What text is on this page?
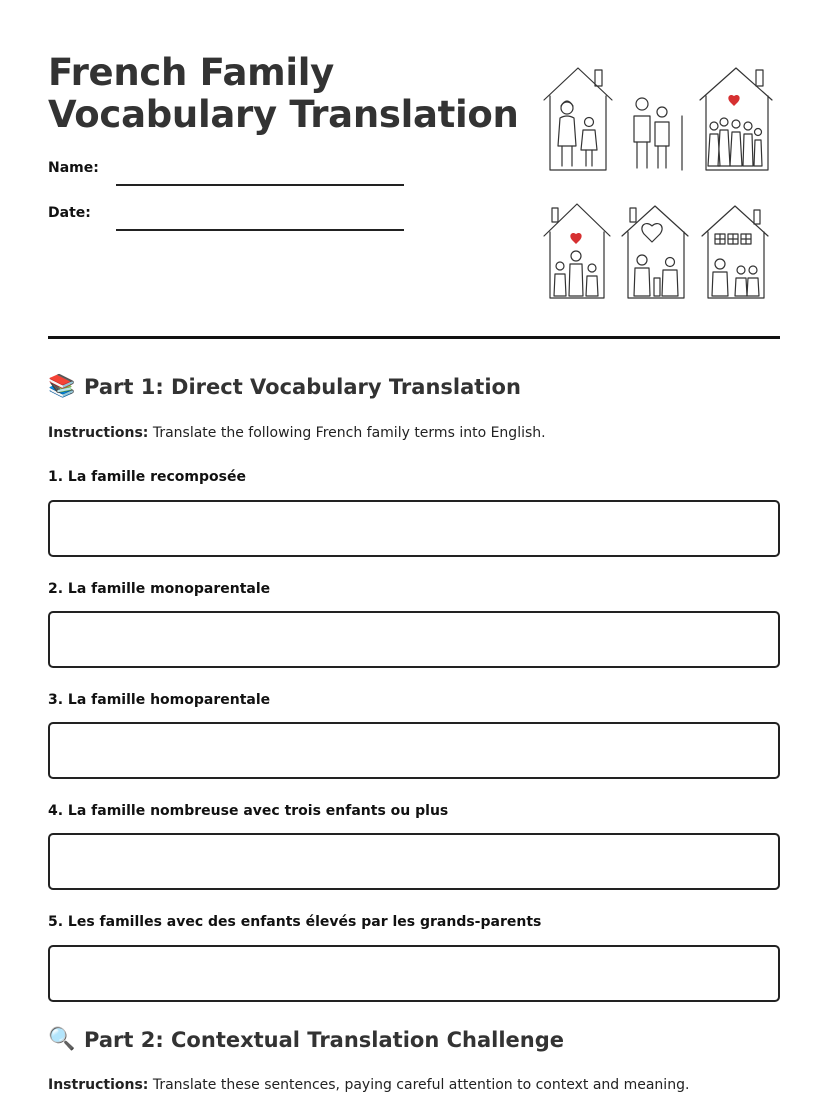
French Family
Vocabulary Translation
Name:
Date:
📚 Part 1: Direct Vocabulary Translation
Instructions: Translate the following French family terms into English.
1. La famille recomposée
2. La famille monoparentale
3. La famille homoparentale
4. La famille nombreuse avec trois enfants ou plus
5. Les familles avec des enfants élevés par les grands-parents
🔍 Part 2: Contextual Translation Challenge
Instructions: Translate these sentences, paying careful attention to context and meaning.
